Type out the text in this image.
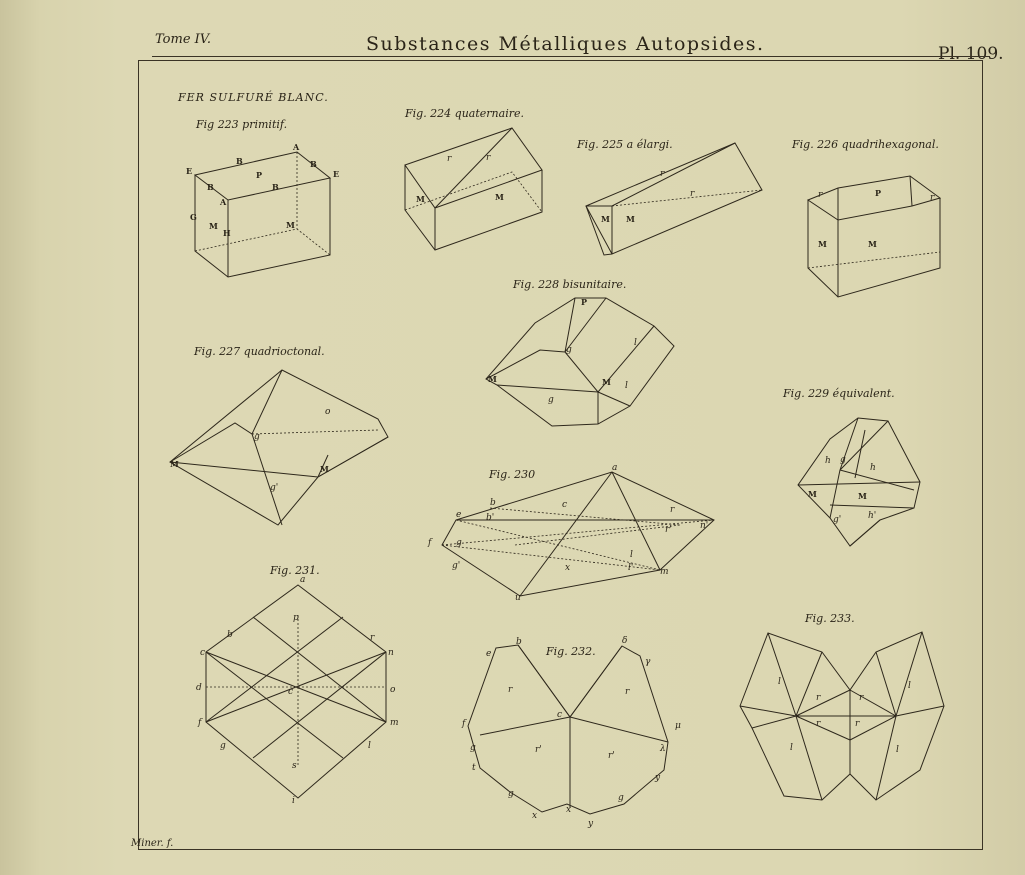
Tome IV.	Substances Métalliques Autopsides.	Pl. 109.
FER SULFURÉ BLANC.
Fig 223 primitif.
Fig. 224 quaternaire.
Fig. 225 a élargi.	Fig. 226 quadrihexagonal.
Fig. 227 quadrioctonal.
Fig. 228 bisunitaire.
Fig. 229 équivalent.
Fig. 230
Fig. 231.
Fig. 232.
Fig. 233.
Miner. f.
A
B	B
E	E
P
B	B
A
G
M
H
M
r	r
M	M
r
r
M M
P
r	r
M	M
g
g'
o
M	M
P
g
l
g
l
M	M
h g
h
M	M
g'	h'
a
b
b'
e
f	g
g'
c
x
l
l'
r
r'	n'
m
u
a
p
b	r
c	n
d	c	o
f	m
g	l
s
i
b	δ
e
γ
r	r
c
f	μ
r'
r'
g	λ
t
y
g	g
x
x
y
l	l
r	r
r	r
l	l
